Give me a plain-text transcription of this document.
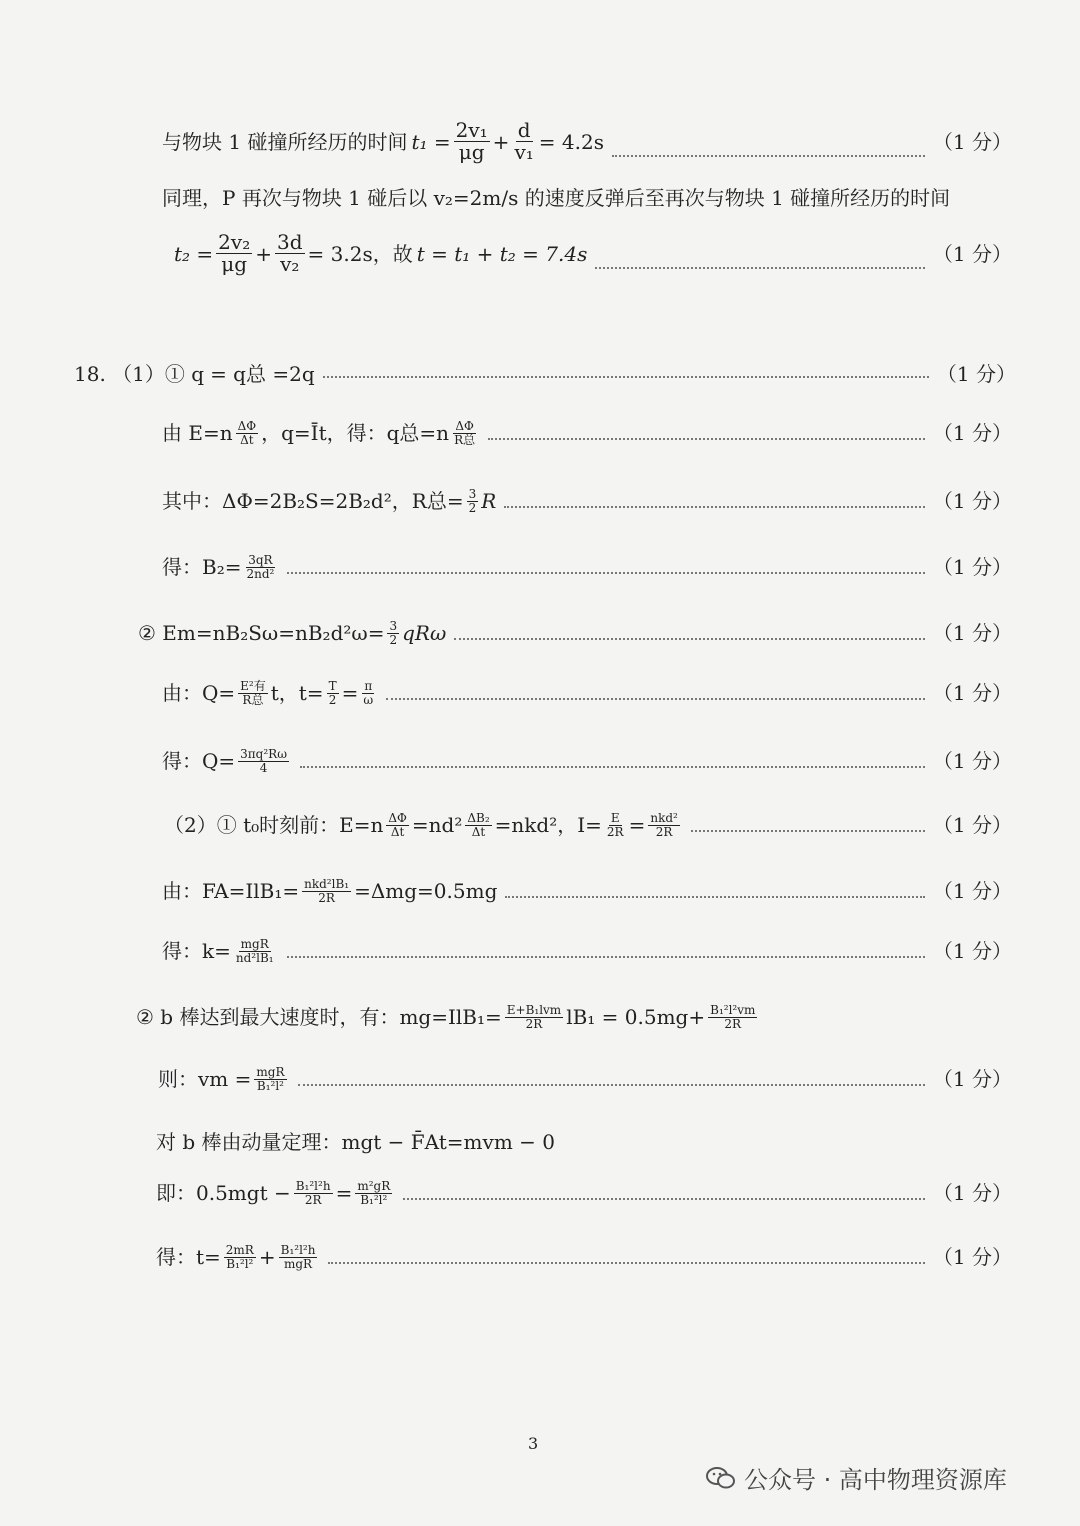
与物块 1 碰撞所经历的时间 $t_1 = \frac{\text{2v₁}}{\mu g} + \frac{d}{\text{v₁}} = 4.2s$	（1 分）
同理，P 再次与物块 1 碰后以 v₂=2m/s 的速度反弹后至再次与物块 1 碰撞所经历的时间
$t_2 = \frac{\text{2v₂}}{\mu g} + \frac{3d}{\text{v₂}} = 3.2s$，故 t = t₁ + t₂ = 7.4s	（1 分）
18. （1）① q = q总 =2q	（1 分）
由 $E=n \frac{\Delta\Phi}{\Delta t}$ ，q=Īt，得：q总$=n \frac{\Delta\Phi}{\text{R总}}$	（1 分）
其中：ΔΦ=2B₂S=2B₂d²，R总= $\frac{3}{2}$ R	（1 分）
得：$B_2= \frac{3qR}{\text{2nd²}}$	（1 分）
② $Em=nB_2S\omega=nB_2d^2\omega= \frac{3}{2}$ qRω	（1 分）
由：$Q= \frac{\text{E²有}}{\text{R总}}$ t，$t= \frac{T}{2} = \frac{\pi}{\omega}$	（1 分）
得：$Q= \frac{\text{3πq²Rω}}{4}$	（1 分）
（2）① t₀时刻前：$E=n \frac{\Delta\Phi}{\Delta t} =nd^2 \frac{\text{ΔB₂}}{\Delta t} =nkd^2$，$I= \frac{E}{2R} = \frac{\text{nkd²}}{2R}$	（1 分）
由：$FA=IlB_1= \frac{\text{nkd²lB₁}}{2R} =\Delta mg=0.5mg$	（1 分）
得：$k= \frac{\text{mgR}}{\text{nd²lB₁}}$	（1 分）
② b 棒达到最大速度时，有：$mg=IlB_1= \frac{\text{E+B₁lvm}}{2R} lB_1 = 0.5mg+ \frac{\text{B₁²l²vm}}{2R}$
则：vm = $\frac{\text{mgR}}{\text{B₁²l²}}$	（1 分）
对 b 棒由动量定理：mgt − F̄At=mvm − 0
即：$0.5mgt - \frac{\text{B₁²l²h}}{2R} = \frac{\text{m²gR}}{\text{B₁²l²}}$	（1 分）
得：$t= \frac{2mR}{\text{B₁²l²}} + \frac{\text{B₁²l²h}}{\text{mgR}}$	（1 分）
3
公众号 · 高中物理资源库
